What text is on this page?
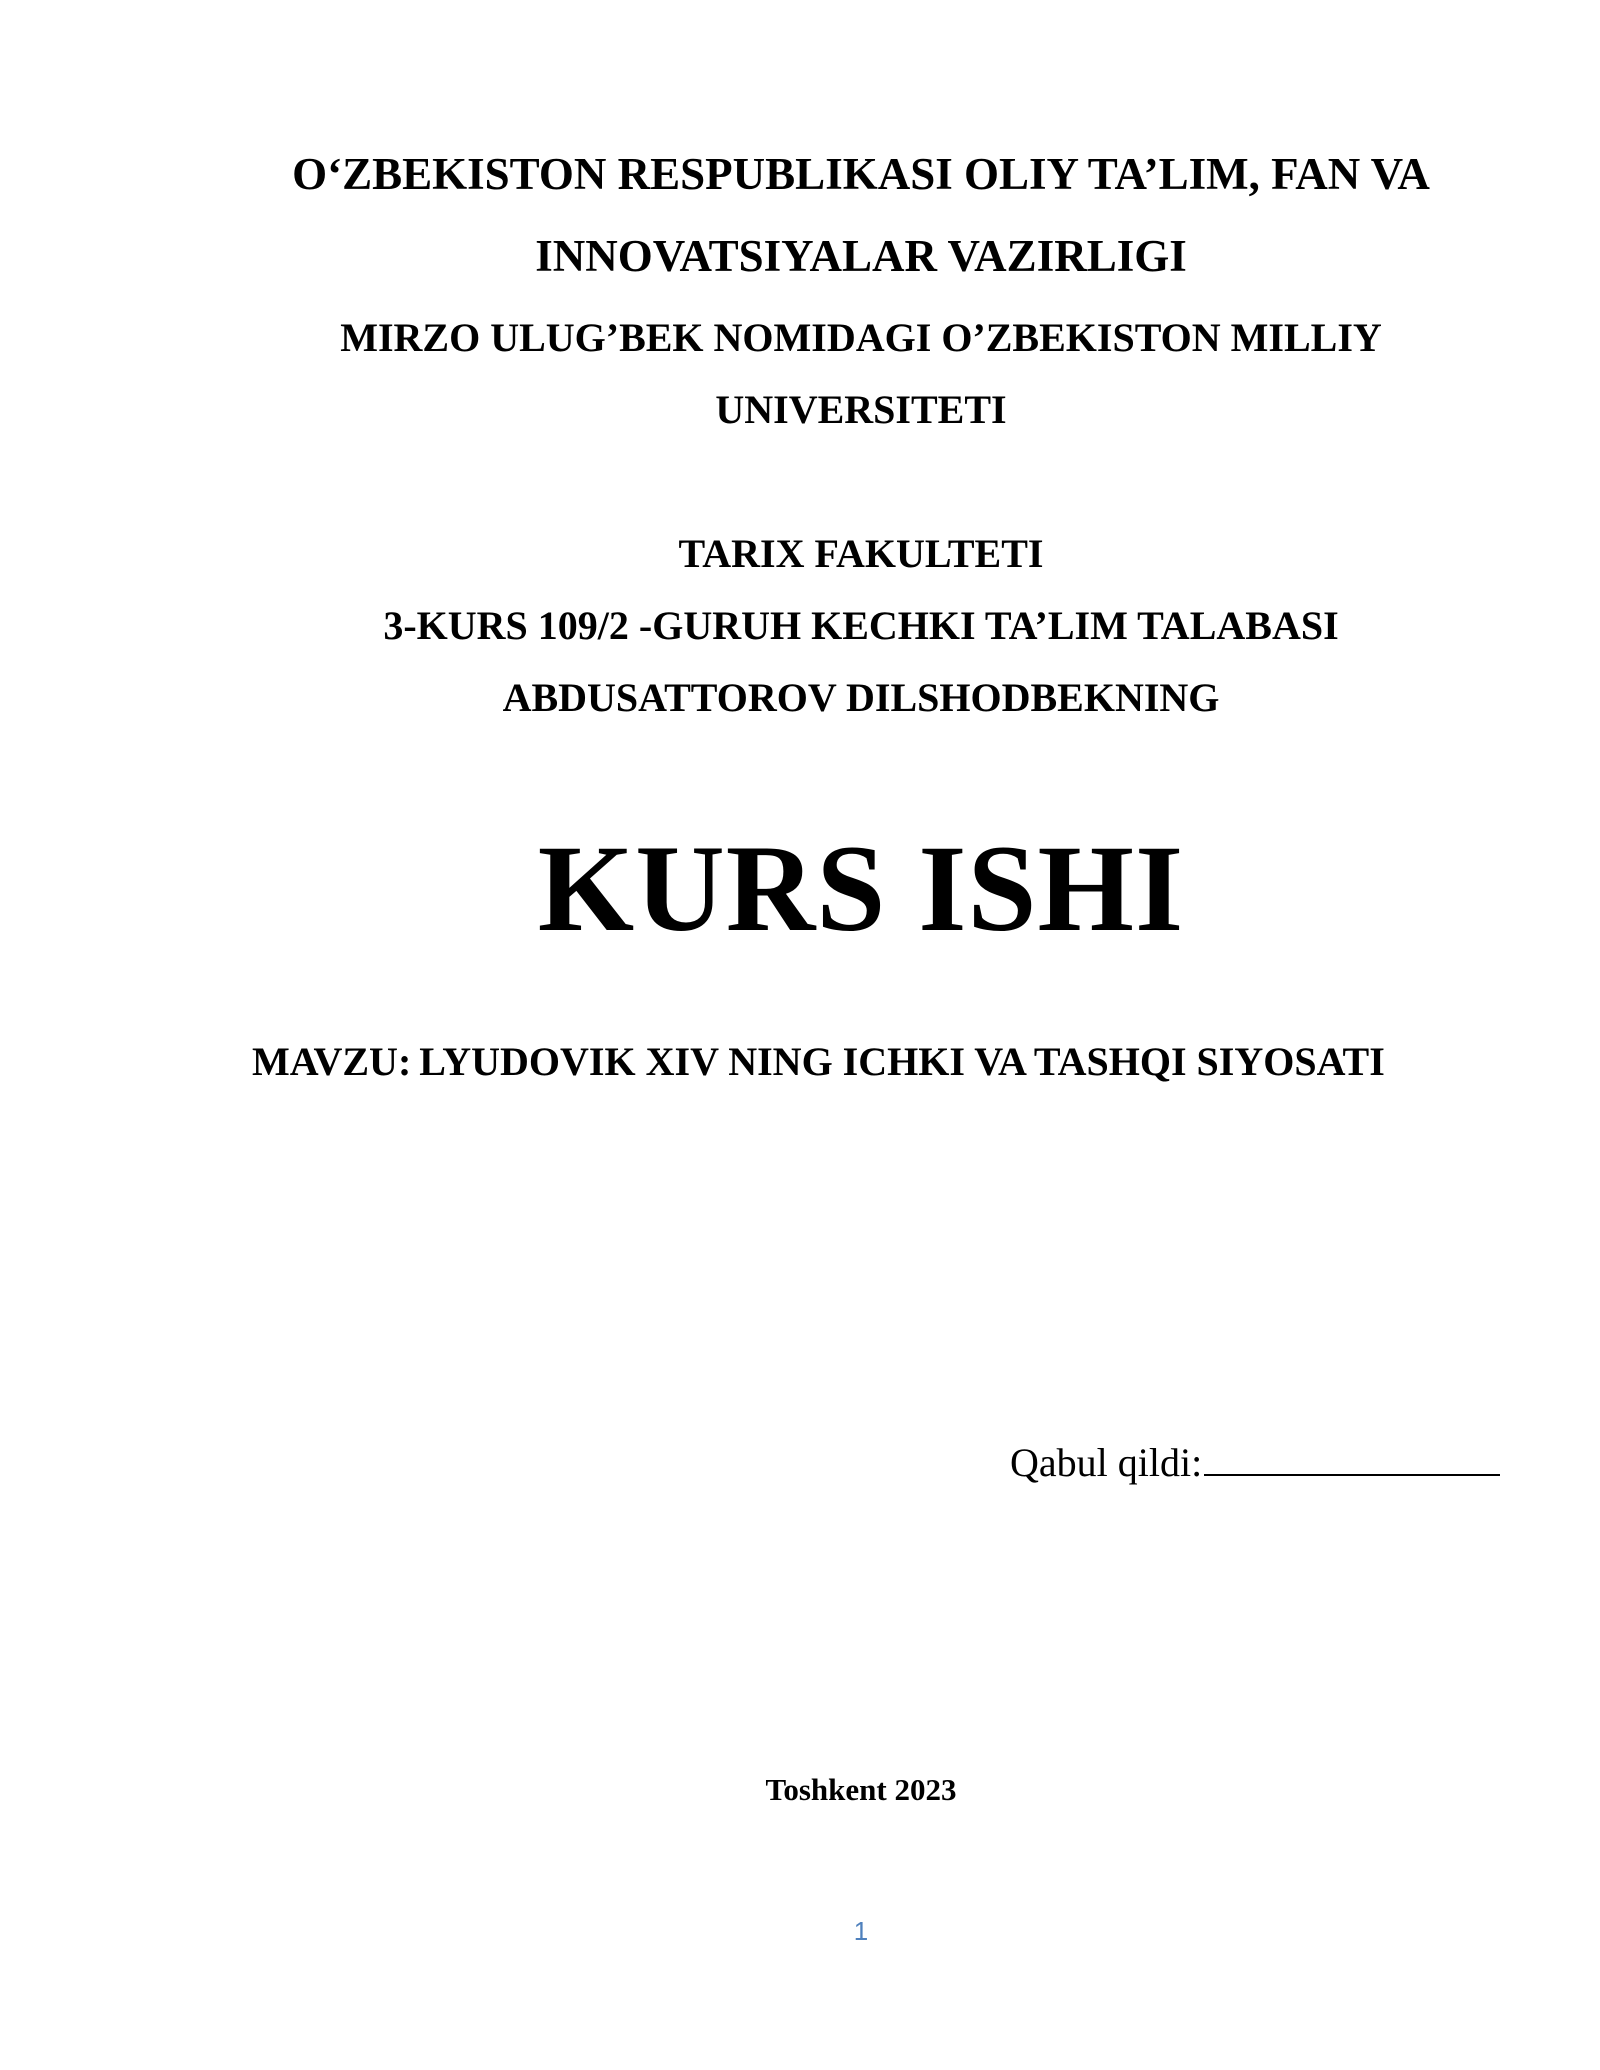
O‘ZBEKISTON RESPUBLIKASI OLIY TA’LIM, FAN VA
INNOVATSIYALAR VAZIRLIGI
MIRZO ULUG’BEK NOMIDAGI O’ZBEKISTON MILLIY
UNIVERSITETI
TARIX FAKULTETI
3-KURS 109/2 -GURUH KECHKI TA’LIM TALABASI
ABDUSATTOROV DILSHODBEKNING
KURS ISHI
MAVZU: LYUDOVIK XIV NING ICHKI VA TASHQI SIYOSATI
Qabul qildi:
Toshkent 2023
1
